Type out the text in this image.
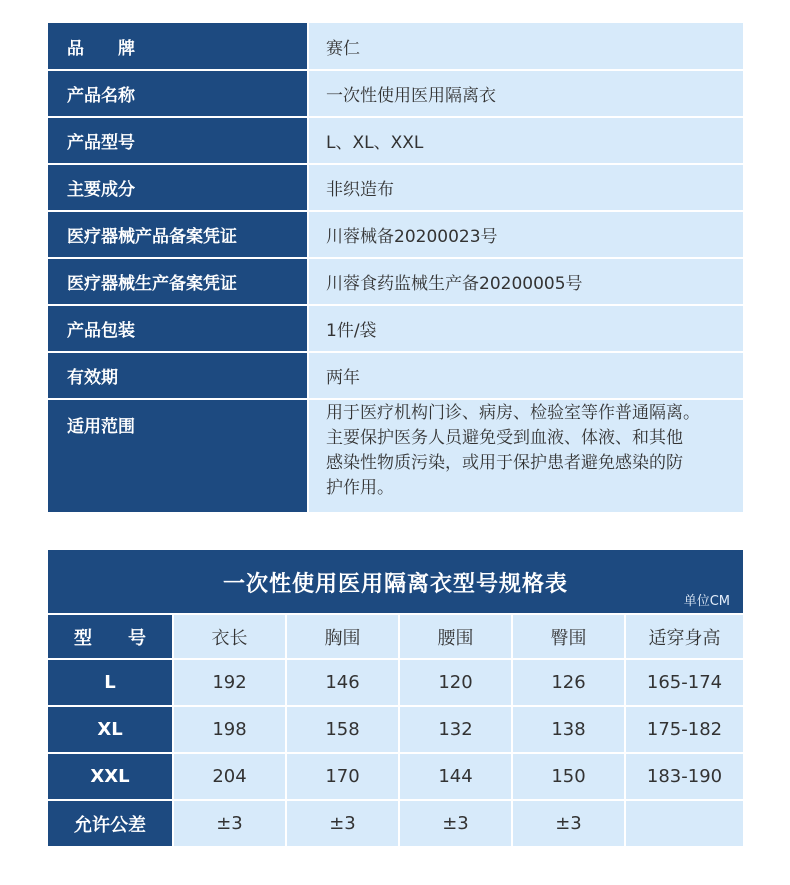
品　　牌	赛仁
产品名称	一次性使用医用隔离衣
产品型号	L、XL、XXL
主要成分	非织造布
医疗器械产品备案凭证	川蓉械备20200023号
医疗器械生产备案凭证	川蓉食药监械生产备20200005号
产品包装	1件/袋
有效期	两年
适用范围	用于医疗机构门诊、病房、检验室等作普通隔离。
主要保护医务人员避免受到血液、体液、和其他
感染性物质污染，或用于保护患者避免感染的防
护作用。
一次性使用医用隔离衣型号规格表
单位CM
型　　号	衣长	胸围	腰围	臀围	适穿身高
L	192	146	120	126	165-174
XL	198	158	132	138	175-182
XXL	204	170	144	150	183-190
允许公差	±3	±3	±3	±3	
